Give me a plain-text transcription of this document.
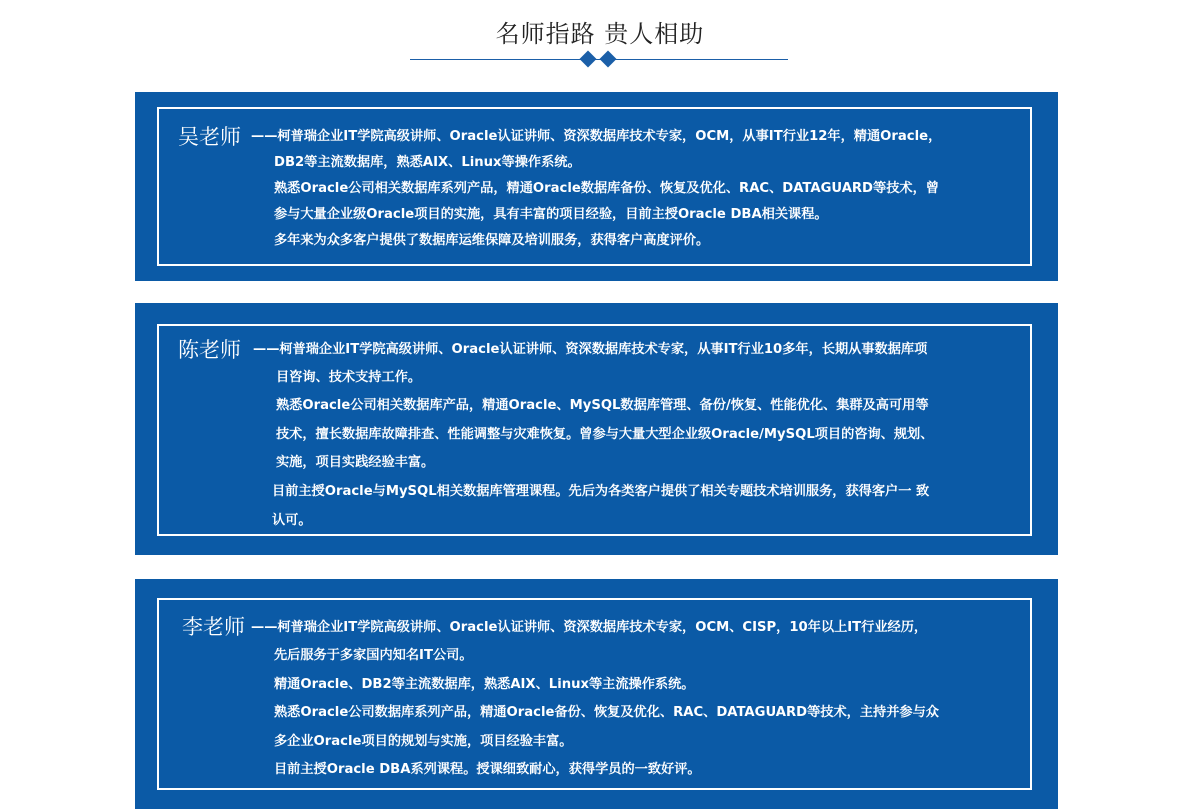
名师指路 贵人相助
吴老师 ——柯普瑞企业IT学院高级讲师、Oracle认证讲师、资深数据库技术专家，OCM，从事IT行业12年，精通Oracle，
DB2等主流数据库，熟悉AIX、Linux等操作系统。
熟悉Oracle公司相关数据库系列产品，精通Oracle数据库备份、恢复及优化、RAC、DATAGUARD等技术，曾
参与大量企业级Oracle项目的实施，具有丰富的项目经验，目前主授Oracle DBA相关课程。
多年来为众多客户提供了数据库运维保障及培训服务，获得客户高度评价。
陈老师 ——柯普瑞企业IT学院高级讲师、Oracle认证讲师、资深数据库技术专家，从事IT行业10多年，长期从事数据库项
目咨询、技术支持工作。
熟悉Oracle公司相关数据库产品，精通Oracle、MySQL数据库管理、备份/恢复、性能优化、集群及高可用等
技术，擅长数据库故障排查、性能调整与灾难恢复。曾参与大量大型企业级Oracle/MySQL项目的咨询、规划、
实施，项目实践经验丰富。
目前主授Oracle与MySQL相关数据库管理课程。先后为各类客户提供了相关专题技术培训服务，获得客户一 致
认可。
李老师 ——柯普瑞企业IT学院高级讲师、Oracle认证讲师、资深数据库技术专家，OCM、CISP，10年以上IT行业经历，
先后服务于多家国内知名IT公司。
精通Oracle、DB2等主流数据库，熟悉AIX、Linux等主流操作系统。
熟悉Oracle公司数据库系列产品，精通Oracle备份、恢复及优化、RAC、DATAGUARD等技术，主持并参与众
多企业Oracle项目的规划与实施，项目经验丰富。
目前主授Oracle DBA系列课程。授课细致耐心，获得学员的一致好评。
